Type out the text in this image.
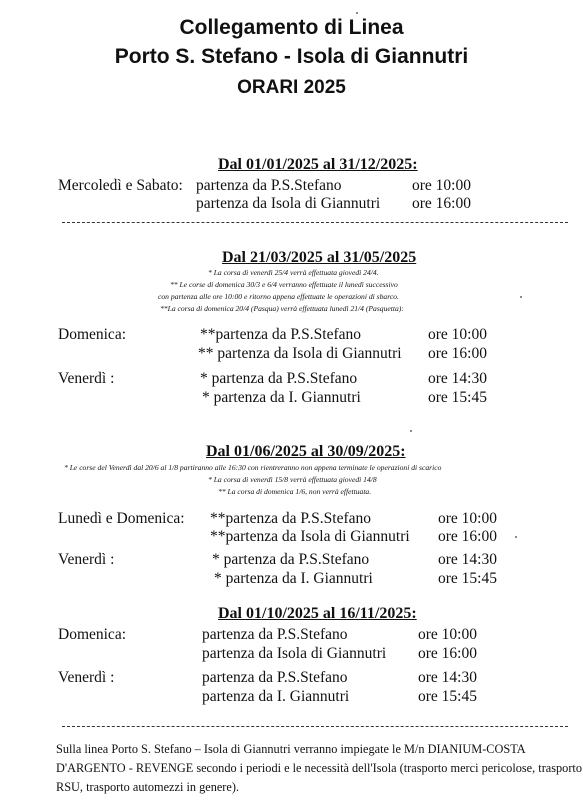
Collegamento di Linea
Porto S. Stefano - Isola di Giannutri
ORARI 2025
Dal 01/01/2025 al 31/12/2025:
Mercoledì e Sabato: partenza da P.S.Stefano	ore 10:00
partenza da Isola di Giannutri ore 16:00
Dal 21/03/2025 al 31/05/2025
* La corsa di venerdì 25/4 verrà effettuata giovedì 24/4.
** Le corse di domenica 30/3 e 6/4 verranno effettuate il lunedì successivo
con partenza alle ore 10:00 e ritorno appena effettuate le operazioni di sbarco.
**La corsa di domenica 20/4 (Pasqua) verrà effettuata lunedì 21/4 (Pasquetta):
Domenica:	**partenza da P.S.Stefano	ore 10:00
** partenza da Isola di Giannutri ore 16:00
Venerdì :	* partenza da P.S.Stefano	ore 14:30
* partenza da I. Giannutri	ore 15:45
Dal 01/06/2025 al 30/09/2025:
* Le corse del Venerdì dal 20/6 al 1/8 partiranno alle 16:30 con rientreranno non appena terminate le operazioni di scarico
* La corsa di venerdì 15/8 verrà effettuata giovedì 14/8
** La corsa di domenica 1/6, non verrà effettuata.
Lunedì e Domenica: **partenza da P.S.Stefano	ore 10:00
**partenza da Isola di Giannutri ore 16:00
Venerdì :	* partenza da P.S.Stefano	ore 14:30
* partenza da I. Giannutri	ore 15:45
Dal 01/10/2025 al 16/11/2025:
Domenica:	partenza da P.S.Stefano	ore 10:00
partenza da Isola di Giannutri ore 16:00
Venerdì :	partenza da P.S.Stefano	ore 14:30
partenza da I. Giannutri	ore 15:45
Sulla linea Porto S. Stefano – Isola di Giannutri verranno impiegate le M/n DIANIUM-COSTA D'ARGENTO - REVENGE secondo i periodi e le necessità dell'Isola (trasporto merci pericolose, trasporto RSU, trasporto automezzi in genere).
